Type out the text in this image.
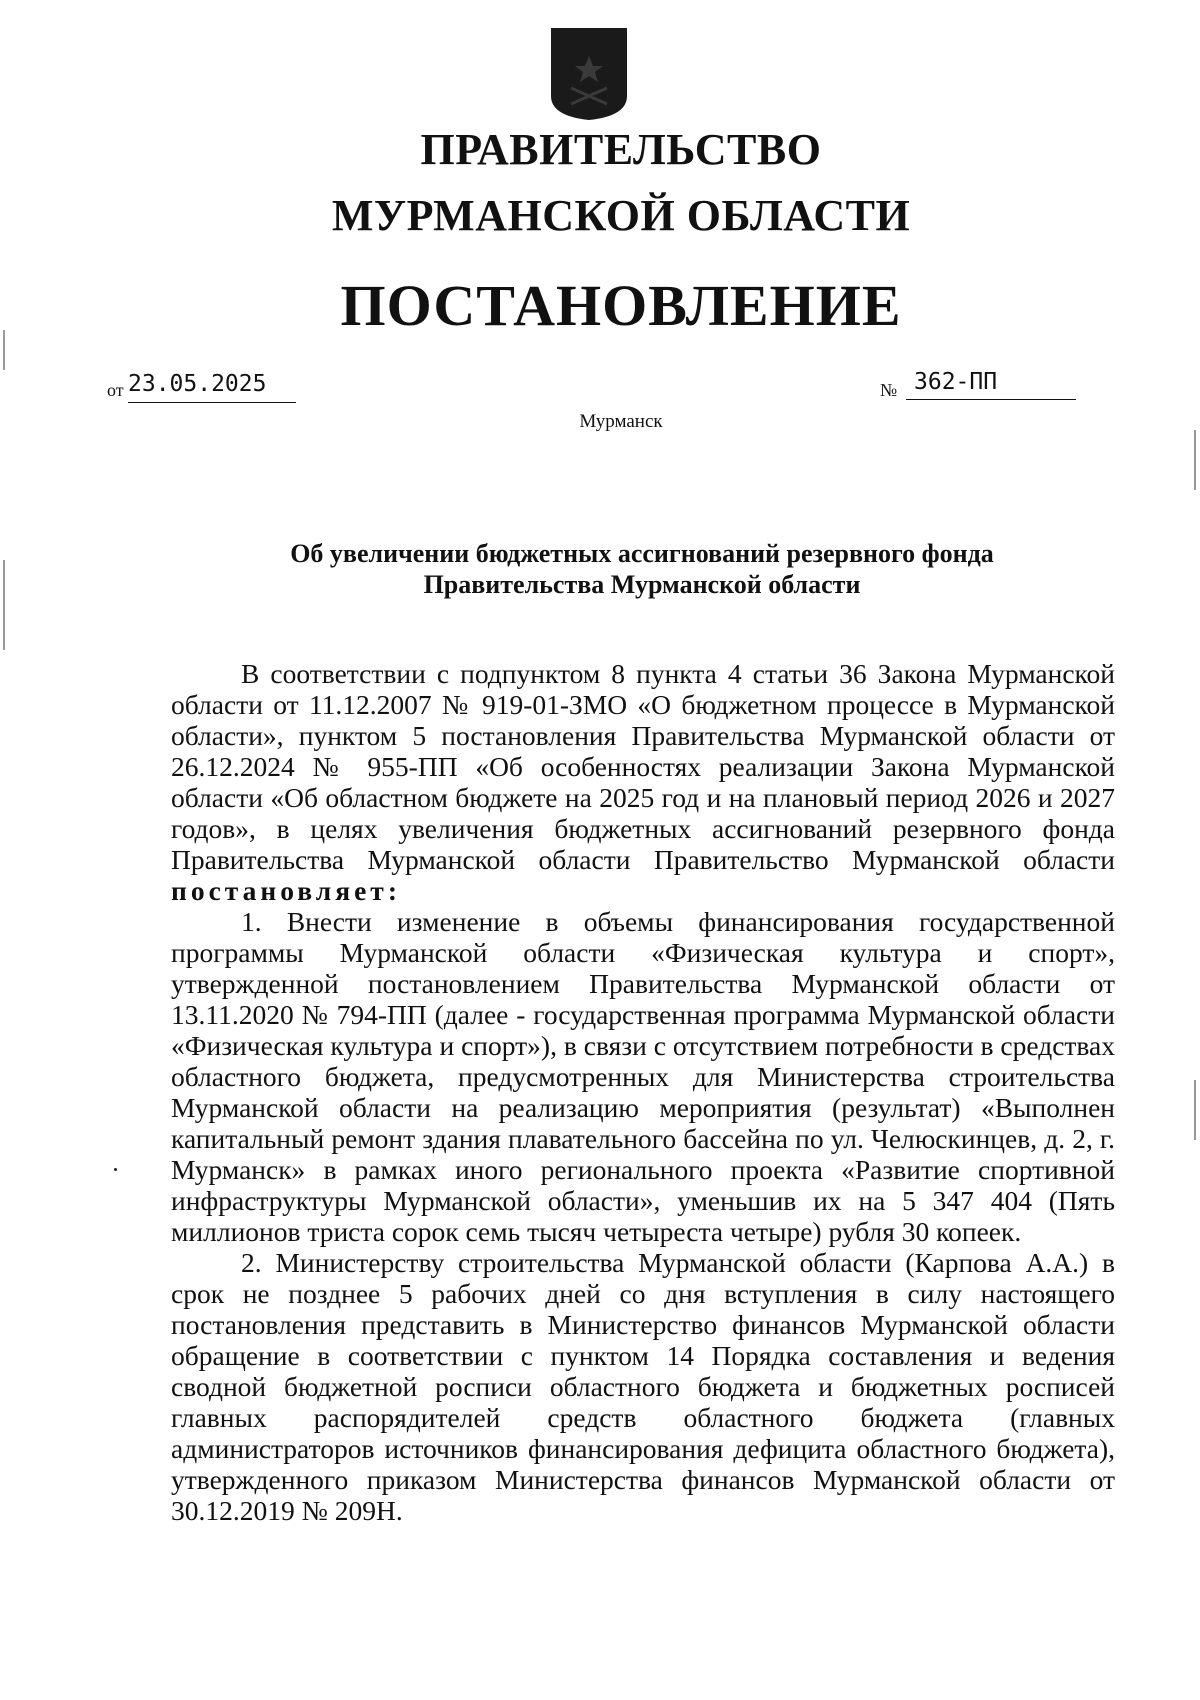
ПРАВИТЕЛЬСТВО
МУРМАНСКОЙ ОБЛАСТИ
ПОСТАНОВЛЕНИЕ
от 23.05.2025	№ 362-ПП
Мурманск
Об увеличении бюджетных ассигнований резервного фонда
Правительства Мурманской области

В соответствии с подпунктом 8 пункта 4 статьи 36 Закона Мурманской области от 11.12.2007 № 919-01-ЗМО «О бюджетном процессе в Мурманской области», пунктом 5 постановления Правительства Мурманской области от 26.12.2024 № 955-ПП «Об особенностях реализации Закона Мурманской области «Об областном бюджете на 2025 год и на плановый период 2026 и 2027 годов», в целях увеличения бюджетных ассигнований резервного фонда Правительства Мурманской области Правительство Мурманской области постановляет:

1. Внести изменение в объемы финансирования государственной программы Мурманской области «Физическая культура и спорт», утвержденной постановлением Правительства Мурманской области от 13.11.2020 № 794-ПП (далее - государственная программа Мурманской области «Физическая культура и спорт»), в связи с отсутствием потребности в средствах областного бюджета, предусмотренных для Министерства строительства Мурманской области на реализацию мероприятия (результат) «Выполнен капитальный ремонт здания плавательного бассейна по ул. Челюскинцев, д. 2, г. Мурманск» в рамках иного регионального проекта «Развитие спортивной инфраструктуры Мурманской области», уменьшив их на 5 347 404 (Пять миллионов триста сорок семь тысяч четыреста четыре) рубля 30 копеек.

2. Министерству строительства Мурманской области (Карпова А.А.) в срок не позднее 5 рабочих дней со дня вступления в силу настоящего постановления представить в Министерство финансов Мурманской области обращение в соответствии с пунктом 14 Порядка составления и ведения сводной бюджетной росписи областного бюджета и бюджетных росписей главных распорядителей средств областного бюджета (главных администраторов источников финансирования дефицита областного бюджета), утвержденного приказом Министерства финансов Мурманской области от 30.12.2019 № 209Н.
